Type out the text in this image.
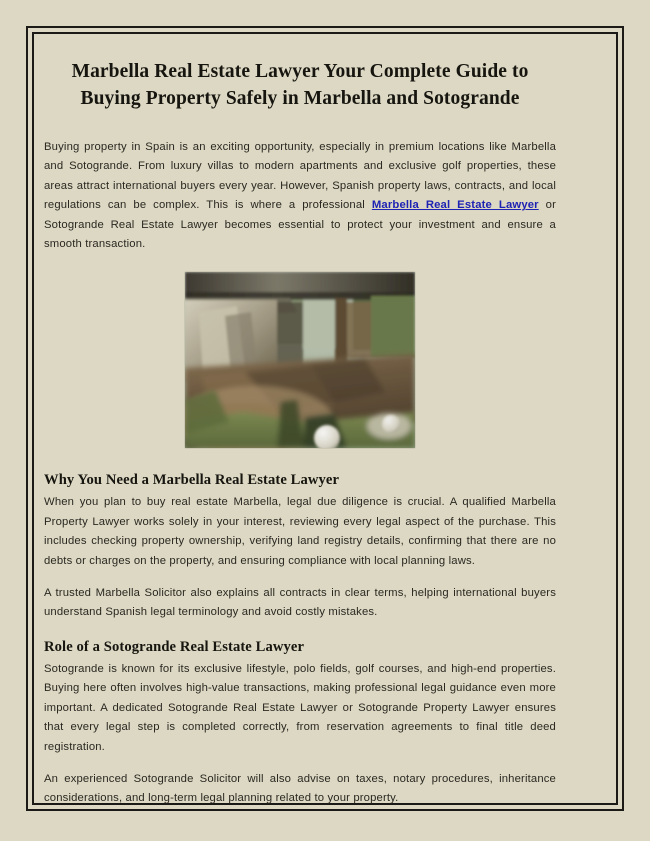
Marbella Real Estate Lawyer Your Complete Guide to Buying Property Safely in Marbella and Sotogrande

Buying property in Spain is an exciting opportunity, especially in premium locations like Marbella and Sotogrande. From luxury villas to modern apartments and exclusive golf properties, these areas attract international buyers every year. However, Spanish property laws, contracts, and local regulations can be complex. This is where a professional Marbella Real Estate Lawyer or Sotogrande Real Estate Lawyer becomes essential to protect your investment and ensure a smooth transaction.

Why You Need a Marbella Real Estate Lawyer

When you plan to buy real estate Marbella, legal due diligence is crucial. A qualified Marbella Property Lawyer works solely in your interest, reviewing every legal aspect of the purchase. This includes checking property ownership, verifying land registry details, confirming that there are no debts or charges on the property, and ensuring compliance with local planning laws.

A trusted Marbella Solicitor also explains all contracts in clear terms, helping international buyers understand Spanish legal terminology and avoid costly mistakes.

Role of a Sotogrande Real Estate Lawyer

Sotogrande is known for its exclusive lifestyle, polo fields, golf courses, and high-end properties. Buying here often involves high-value transactions, making professional legal guidance even more important. A dedicated Sotogrande Real Estate Lawyer or Sotogrande Property Lawyer ensures that every legal step is completed correctly, from reservation agreements to final title deed registration.

An experienced Sotogrande Solicitor will also advise on taxes, notary procedures, inheritance considerations, and long-term legal planning related to your property.
